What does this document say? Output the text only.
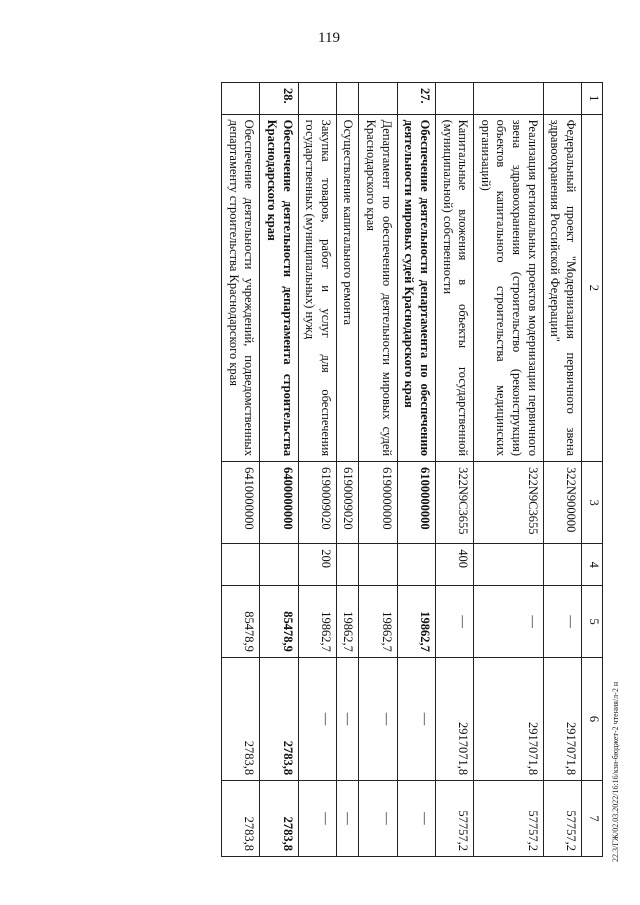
119
22.3/ГЖ/02.03.2022/16:16/кзи-бюджет-2 чтения/л-2 н
1	2	3	4	5	6	7
	Федеральный проект "Модернизация первичного звена здравоохранения Российской Федерации"	322N900000		—	2917071,8	57757,2
	Реализация региональных проектов модернизации первичного звена здравоохранения (строительство (реконструкция) объектов капитального строительства медицинских организаций)	322N9C3655		—	2917071,8	57757,2
	Капитальные вложения в объекты государственной (муниципальной) собственности	322N9C3655	400	—	2917071,8	57757,2
27.	Обеспечение деятельности департамента по обеспечению деятельности мировых судей Краснодарского края	6100000000		19862,7	—	—
	Департамент по обеспечению деятельности мировых судей Краснодарского края	6190000000		19862,7	—	—
	Осуществление капитального ремонта	6190009020		19862,7	—	—
	Закупка товаров, работ и услуг для обеспечения государственных (муниципальных) нужд	6190009020	200	19862,7	—	—
28.	Обеспечение деятельности департамента строительства Краснодарского края	6400000000		85478,9	2783,8	2783,8
	Обеспечение деятельности учреждений, подведомственных департаменту строительства Краснодарского края	6410000000		85478,9	2783,8	2783,8
